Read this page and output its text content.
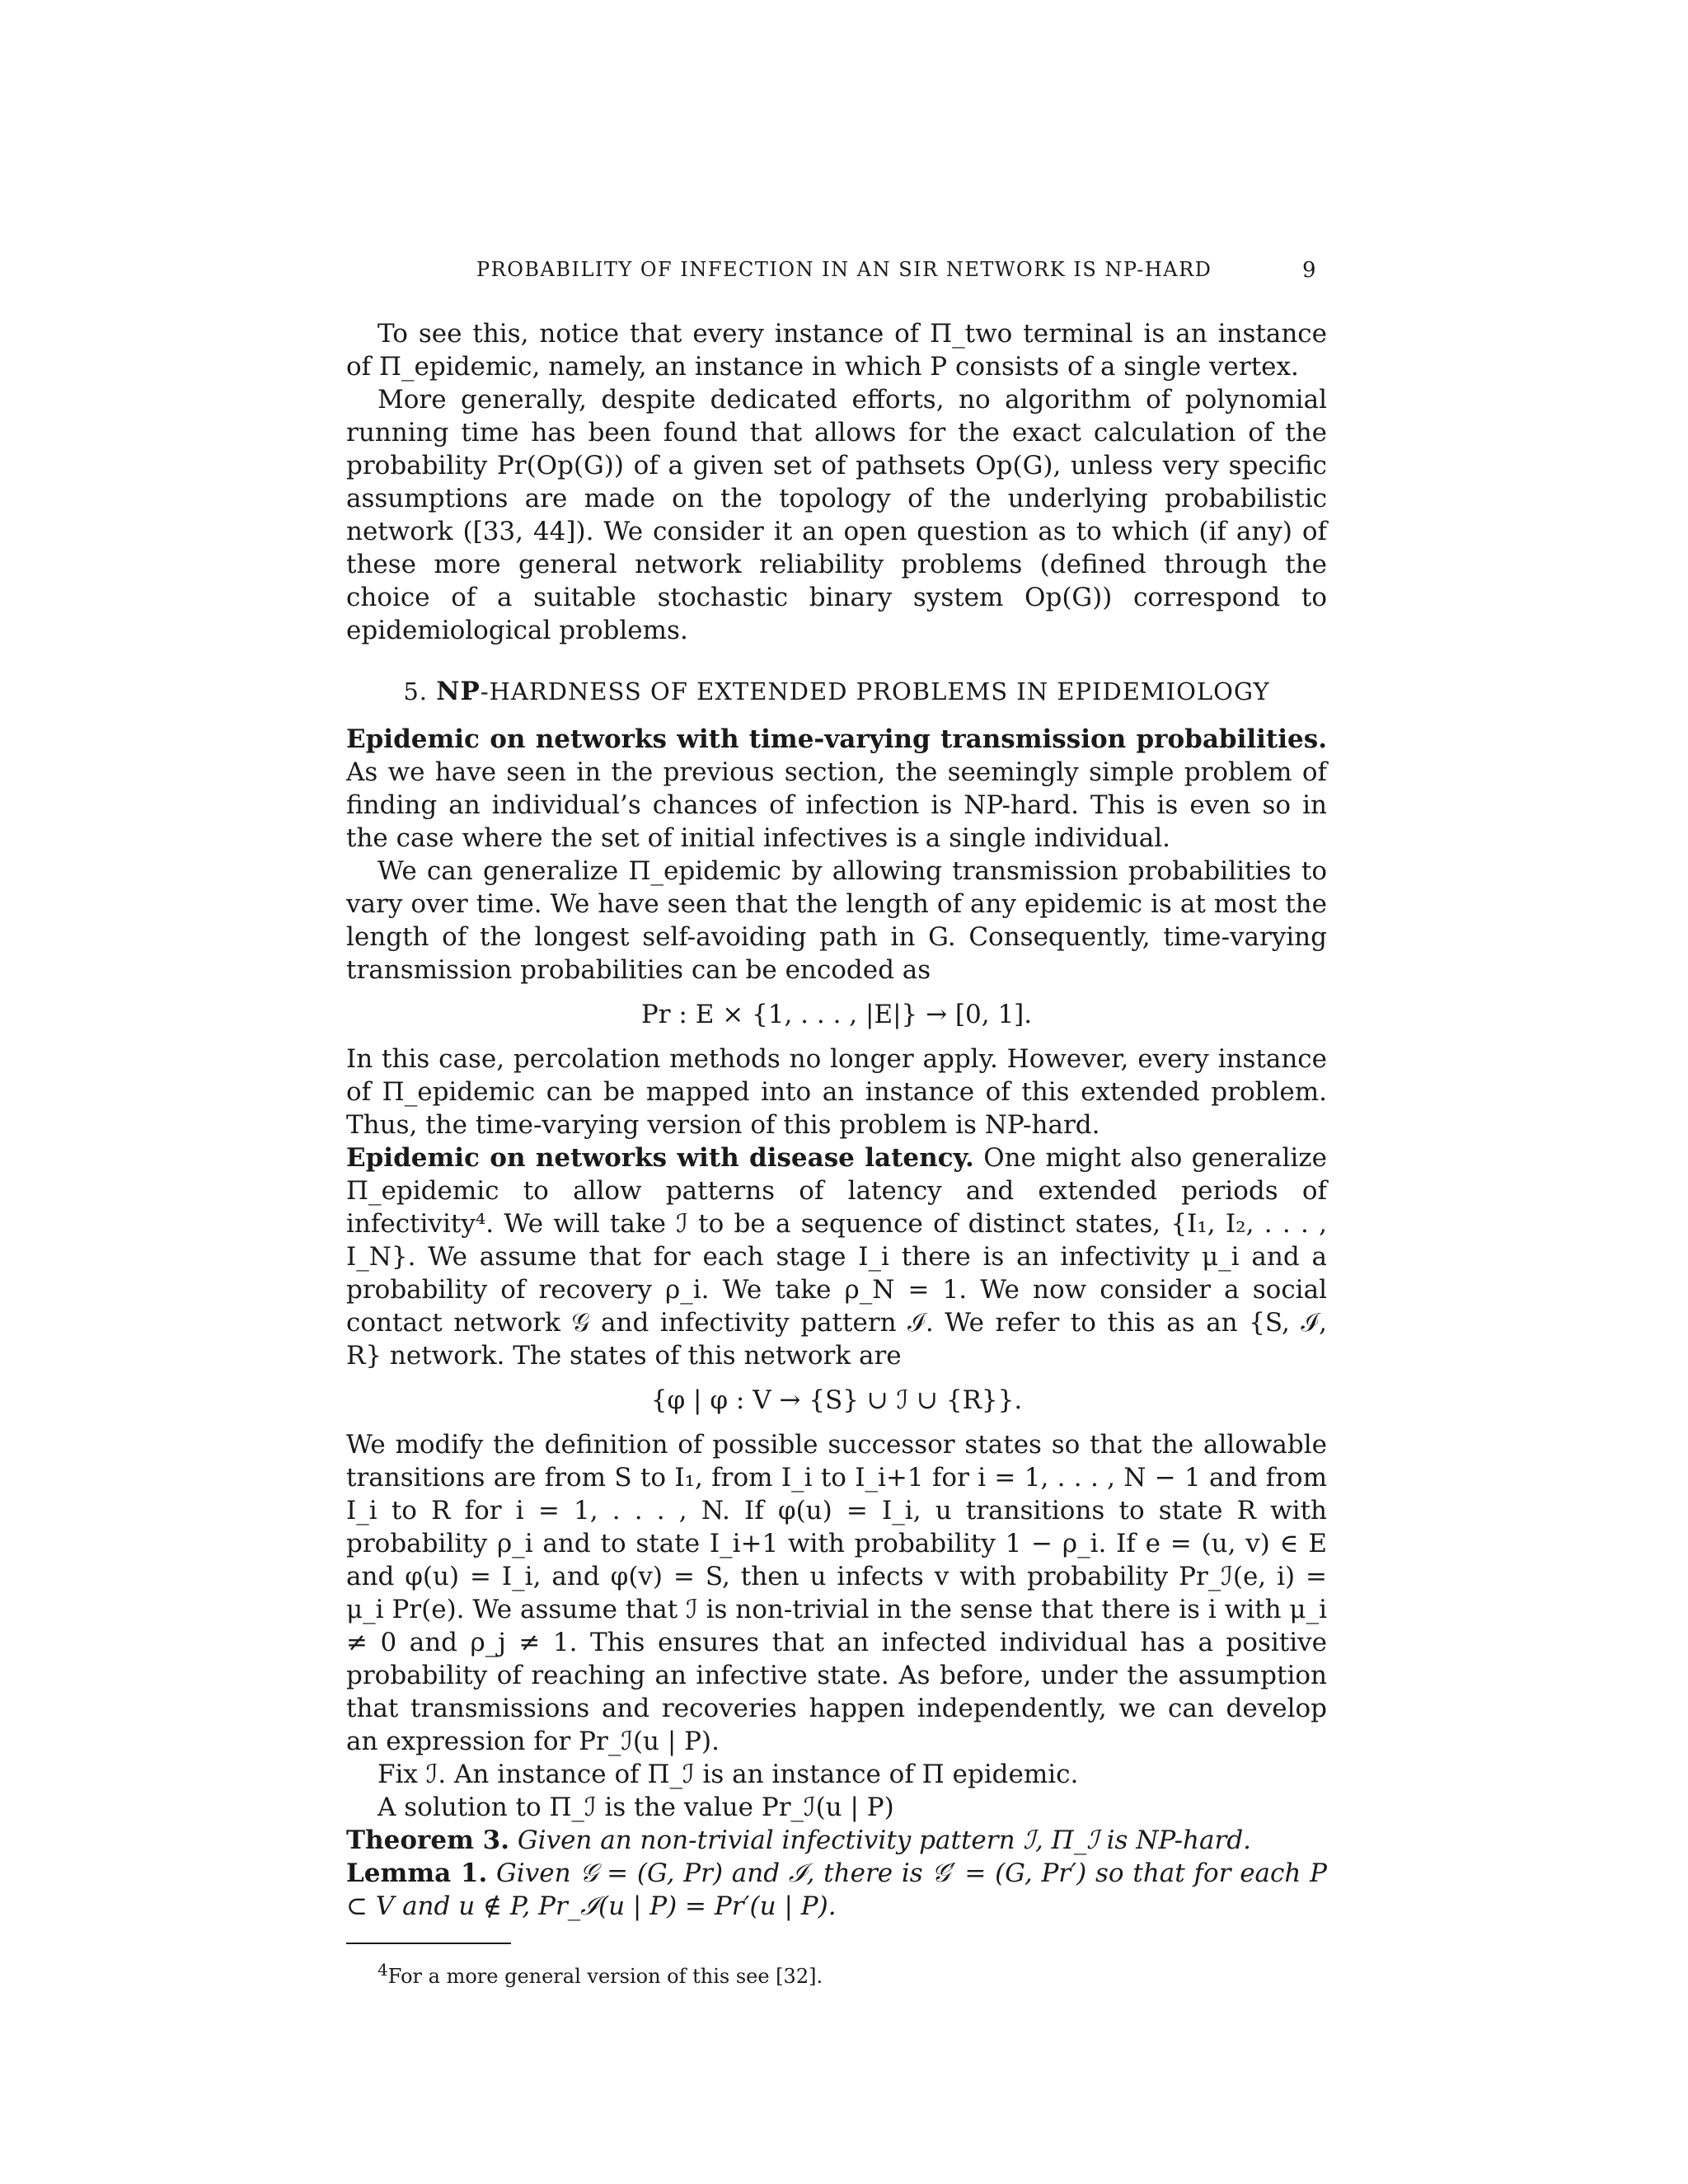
PROBABILITY OF INFECTION IN AN SIR NETWORK IS NP-HARD	9

To see this, notice that every instance of Π_two terminal is an instance of Π_epidemic, namely, an instance in which P consists of a single vertex.

More generally, despite dedicated efforts, no algorithm of polynomial running time has been found that allows for the exact calculation of the probability Pr(Op(G)) of a given set of pathsets Op(G), unless very specific assumptions are made on the topology of the underlying probabilistic network ([33, 44]). We consider it an open question as to which (if any) of these more general network reliability problems (defined through the choice of a suitable stochastic binary system Op(G)) correspond to epidemiological problems.

5. NP-HARDNESS OF EXTENDED PROBLEMS IN EPIDEMIOLOGY

Epidemic on networks with time-varying transmission probabilities. As we have seen in the previous section, the seemingly simple problem of finding an individual’s chances of infection is NP-hard. This is even so in the case where the set of initial infectives is a single individual.

We can generalize Π_epidemic by allowing transmission probabilities to vary over time. We have seen that the length of any epidemic is at most the length of the longest self-avoiding path in G. Consequently, time-varying transmission probabilities can be encoded as

Pr : E × {1, . . . , |E|} → [0, 1].

In this case, percolation methods no longer apply. However, every instance of Π_epidemic can be mapped into an instance of this extended problem. Thus, the time-varying version of this problem is NP-hard.

Epidemic on networks with disease latency. One might also generalize Π_epidemic to allow patterns of latency and extended periods of infectivity⁴. We will take ℐ to be a sequence of distinct states, {I₁, I₂, . . . , I_N}. We assume that for each stage I_i there is an infectivity μ_i and a probability of recovery ρ_i. We take ρ_N = 1. We now consider a social contact network 𝒢 and infectivity pattern ℐ. We refer to this as an {S, ℐ, R} network. The states of this network are

{φ | φ : V → {S} ∪ ℐ ∪ {R}}.

We modify the definition of possible successor states so that the allowable transitions are from S to I₁, from I_i to I_i+1 for i = 1, . . . , N − 1 and from I_i to R for i = 1, . . . , N. If φ(u) = I_i, u transitions to state R with probability ρ_i and to state I_i+1 with probability 1 − ρ_i. If e = (u, v) ∈ E and φ(u) = I_i, and φ(v) = S, then u infects v with probability Pr_ℐ(e, i) = μ_i Pr(e). We assume that ℐ is non-trivial in the sense that there is i with μ_i ≠ 0 and ρ_j ≠ 1. This ensures that an infected individual has a positive probability of reaching an infective state. As before, under the assumption that transmissions and recoveries happen independently, we can develop an expression for Pr_ℐ(u | P).

Fix ℐ. An instance of Π_ℐ is an instance of Π epidemic.

A solution to Π_ℐ is the value Pr_ℐ(u | P)

Theorem 3. Given an non-trivial infectivity pattern ℐ, Π_ℐ is NP-hard.

Lemma 1. Given 𝒢 = (G, Pr) and ℐ, there is 𝒢′ = (G, Pr′) so that for each P ⊂ V and u ∉ P, Pr_ℐ(u | P) = Pr′(u | P).

$^4$For a more general version of this see [32].
